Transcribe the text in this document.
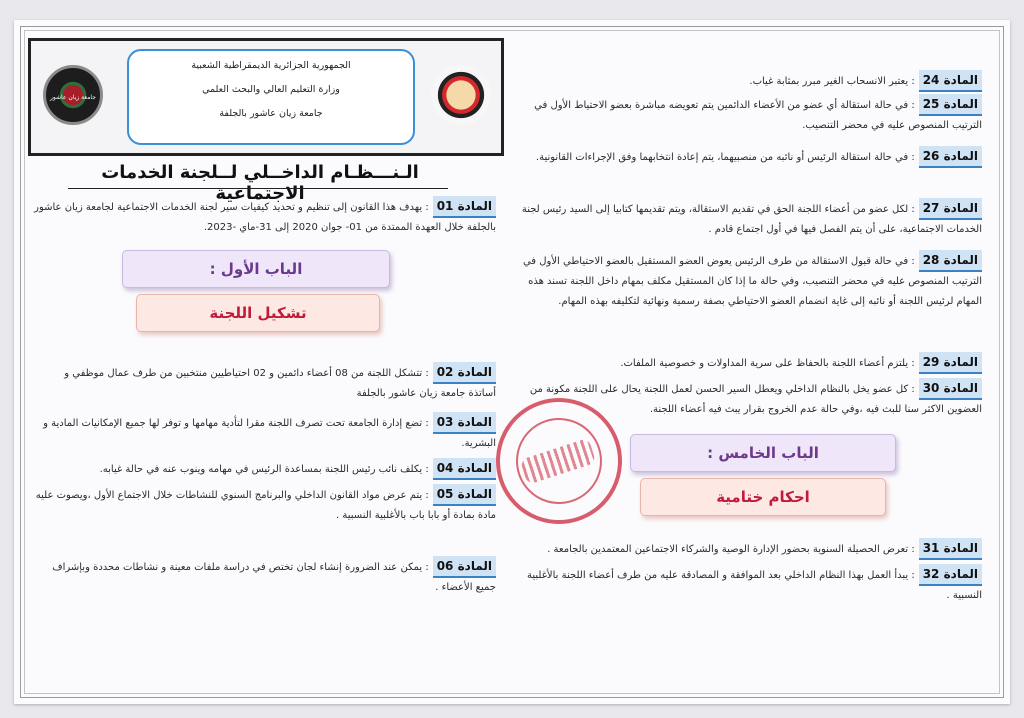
الجمهورية الجزائرية الديمقراطية الشعبية
وزارة التعليم العالي والبحث العلمي
جامعة زيان عاشور بالجلفة
جامعة زيان عاشور
الـنـــظـام الداخــلي لــلجنة الخدمات الاجتماعية
المادة 01: يهدف هذا القانون إلى تنظيم و تحديد كيفيات سير لجنة الخدمات الاجتماعية لجامعة زيان عاشور بالجلفة خلال العهدة الممتدة من 01- جوان 2020 إلى 31-ماي -2023.
الباب الأول :
تشكيل اللجنة
المادة 02: تتشكل اللجنة من 08 أعضاء دائمين و 02 احتياطيين منتخبين من طرف عمال موظفي و أساتذة جامعة زيان عاشور بالجلفة
المادة 03: تضع إدارة الجامعة تحت تصرف اللجنة مقرا لتأدية مهامها و توفر لها جميع الإمكانيات المادية و البشرية.
المادة 04: يكلف نائب رئيس اللجنة بمساعدة الرئيس في مهامه وينوب عنه في حالة غيابه.
المادة 05: يتم عرض مواد القانون الداخلي والبرنامج السنوي للنشاطات خلال الاجتماع الأول ،ويصوت عليه مادة بمادة أو بابا باب بالأغلبية النسبية .
المادة 06: يمكن عند الضرورة إنشاء لجان تختص في دراسة ملفات معينة و نشاطات محددة وبإشراف جميع الأعضاء .
المادة 24: يعتبر الانسحاب الغير مبرر بمثابة غياب.
المادة 25: في حالة استقالة أي عضو من الأعضاء الدائمين يتم تعويضه مباشرة بعضو الاحتياط الأول في الترتيب المنصوص عليه في محضر التنصيب.
المادة 26: في حالة استقالة الرئيس أو نائبه من منصبيهما، يتم إعادة انتخابهما وفق الإجراءات القانونية.
المادة 27: لكل عضو من أعضاء اللجنة الحق في تقديم الاستقالة، ويتم تقديمها كتابيا إلى السيد رئيس لجنة الخدمات الاجتماعية، على أن يتم الفصل فيها في أول اجتماع قادم .
المادة 28: في حالة قبول الاستقالة من طرف الرئيس يعوض العضو المستقيل بالعضو الاحتياطي الأول في الترتيب المنصوص عليه في محضر التنصيب، وفي حالة ما إذا كان المستقيل مكلف بمهام داخل اللجنة تسند هذه المهام لرئيس اللجنة أو نائبه إلى غاية انضمام العضو الاحتياطي بصفة رسمية ونهائية لتكليفه بهذه المهام.
المادة 29: يلتزم أعضاء اللجنة بالحفاظ على سرية المداولات و خصوصية الملفات.
المادة 30: كل عضو يخل بالنظام الداخلي ويعطل السير الحسن لعمل اللجنة يحال على اللجنة مكونة من العضوين الاكثر سنا للبث فيه ،وفي حالة عدم الخروج بقرار يبث فيه أعضاء اللجنة.
الباب الخامس :
احكام ختامية
المادة 31: تعرض الحصيلة السنوية بحضور الإدارة الوصية والشركاء الاجتماعين المعتمدين بالجامعة .
المادة 32: يبدأ العمل بهذا النظام الداخلي بعد الموافقة و المصادقة عليه من طرف أعضاء اللجنة بالأغلبية النسبية .
